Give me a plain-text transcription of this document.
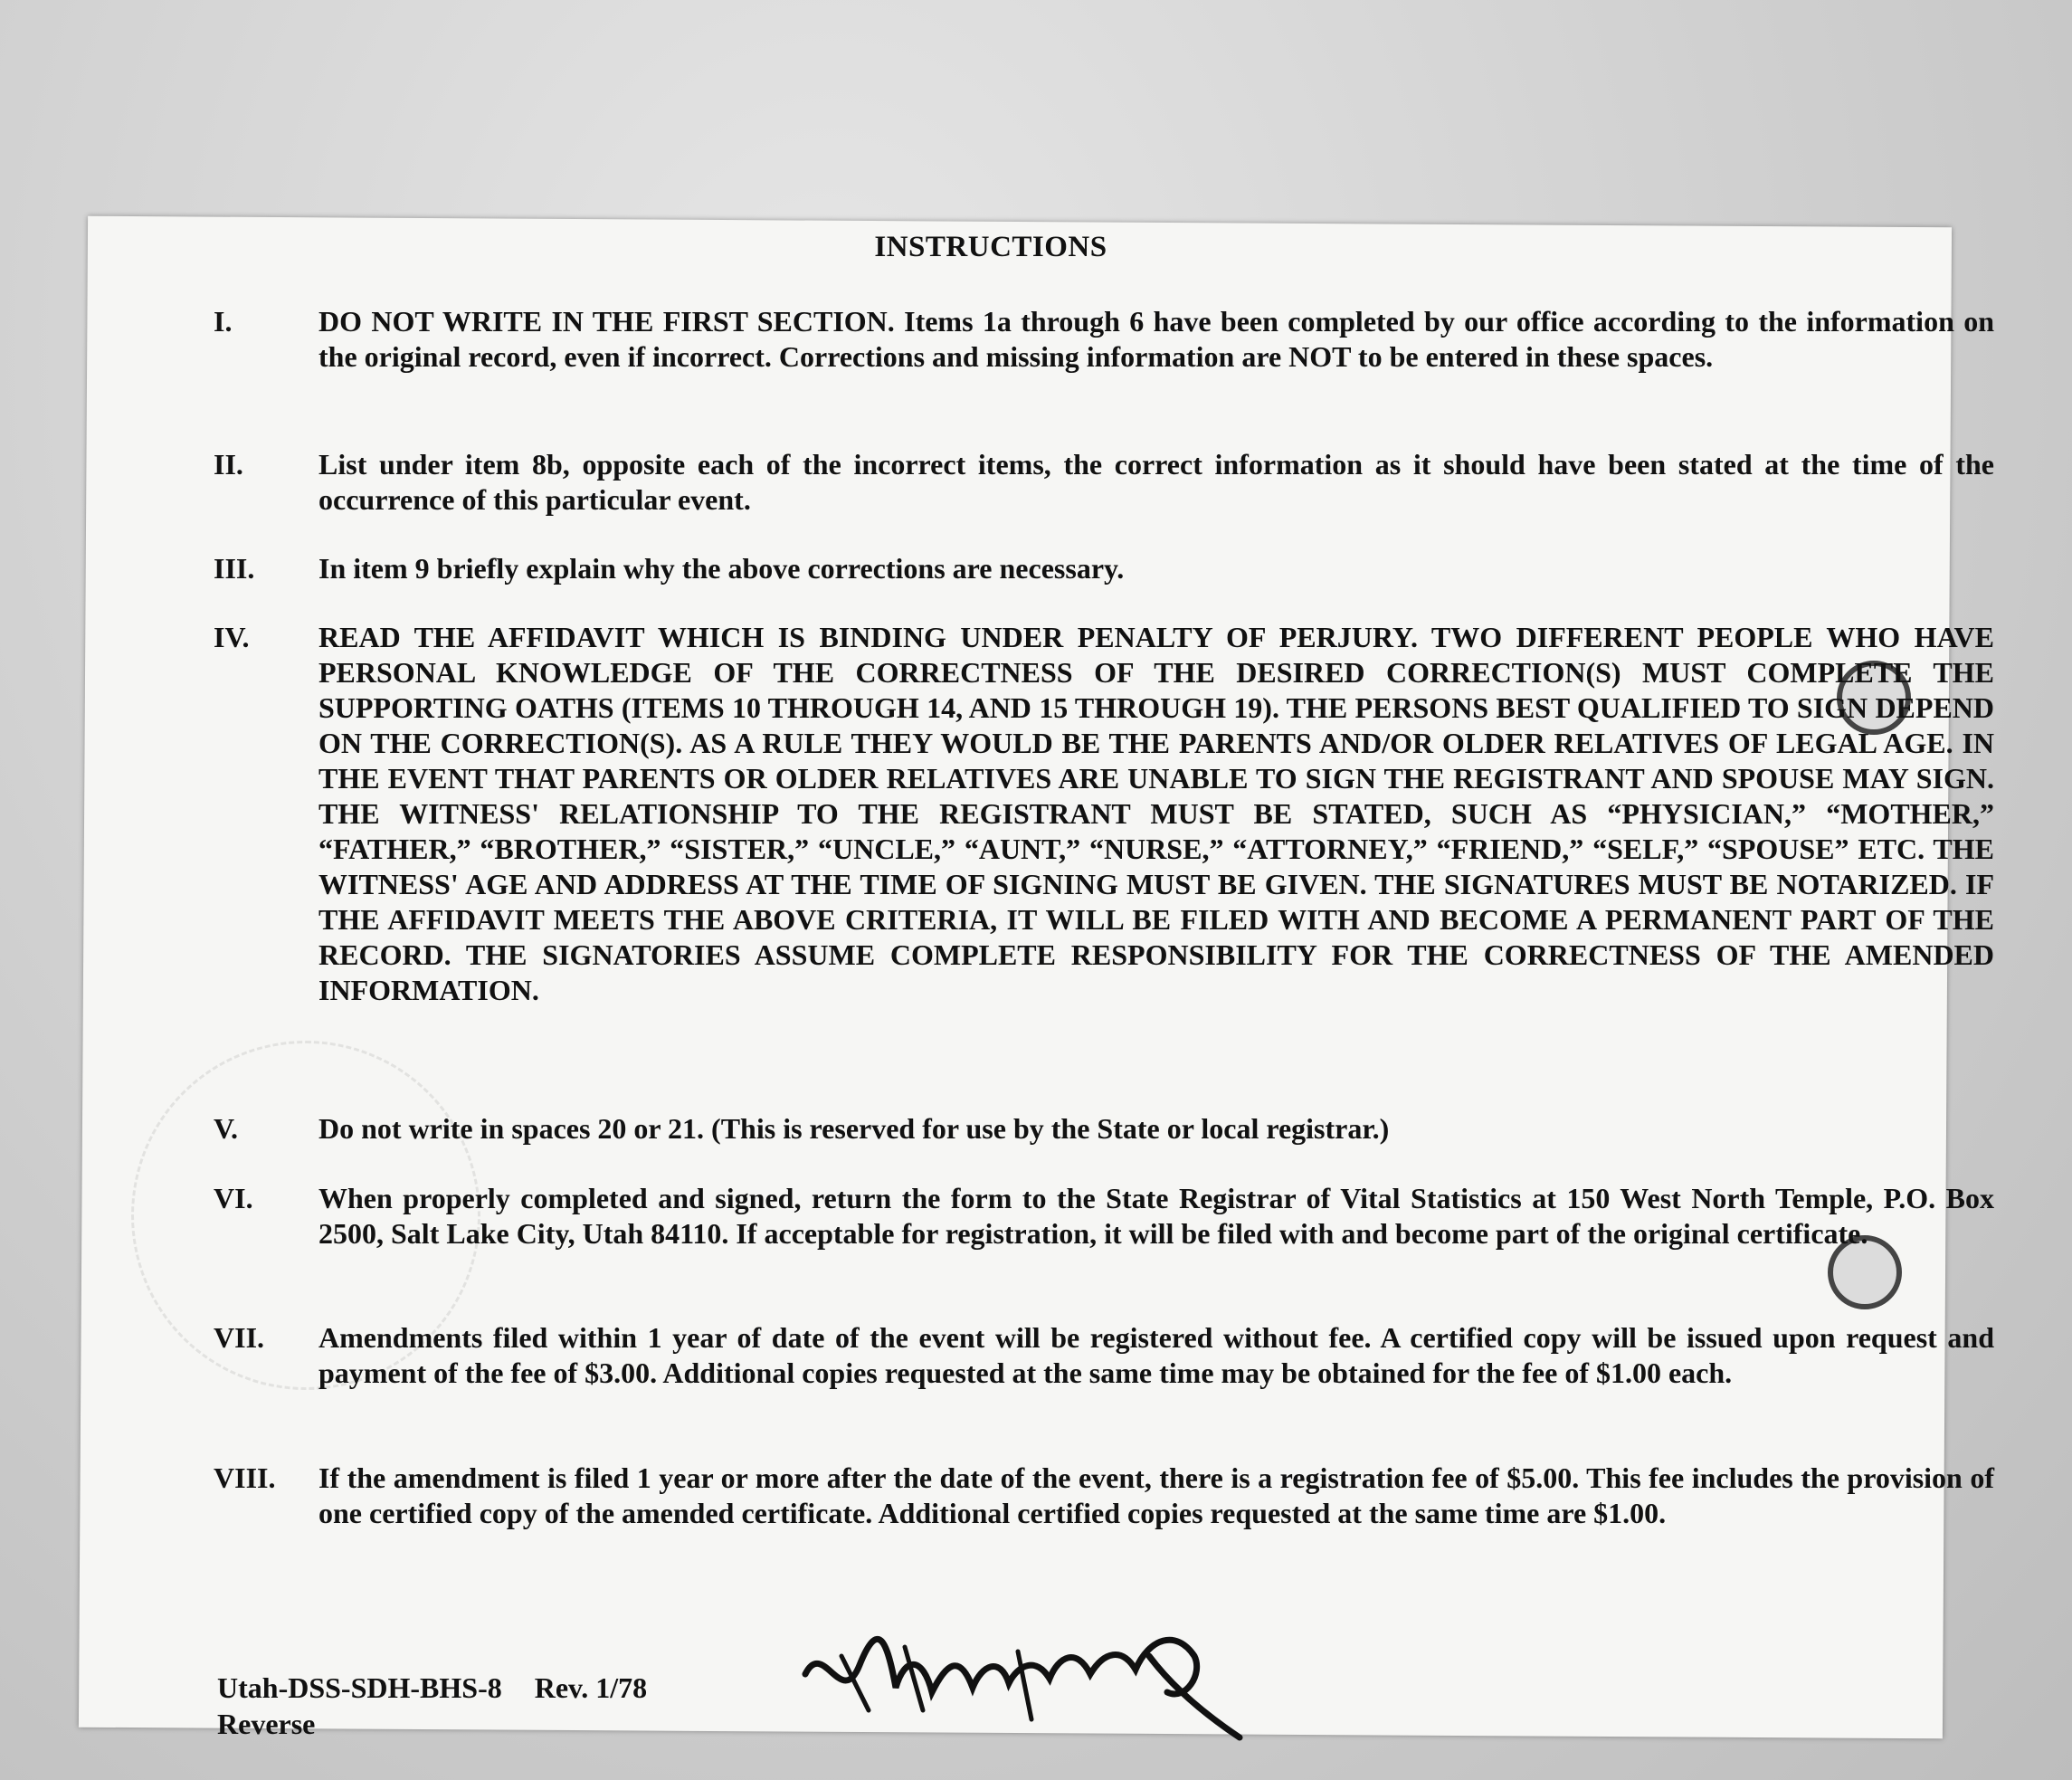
INSTRUCTIONS
I.	DO NOT WRITE IN THE FIRST SECTION. Items 1a through 6 have been completed by our office according to the information on the original record, even if incorrect. Corrections and missing information are NOT to be entered in these spaces.
II.	List under item 8b, opposite each of the incorrect items, the correct information as it should have been stated at the time of the occurrence of this particular event.
III.	In item 9 briefly explain why the above corrections are necessary.
IV.	READ THE AFFIDAVIT WHICH IS BINDING UNDER PENALTY OF PERJURY. TWO DIFFERENT PEOPLE WHO HAVE PERSONAL KNOWLEDGE OF THE CORRECTNESS OF THE DESIRED CORRECTION(S) MUST COMPLETE THE SUPPORTING OATHS (ITEMS 10 THROUGH 14, AND 15 THROUGH 19). THE PERSONS BEST QUALIFIED TO SIGN DEPEND ON THE CORRECTION(S). AS A RULE THEY WOULD BE THE PARENTS AND/OR OLDER RELATIVES OF LEGAL AGE. IN THE EVENT THAT PARENTS OR OLDER RELATIVES ARE UNABLE TO SIGN THE REGISTRANT AND SPOUSE MAY SIGN. THE WITNESS' RELATIONSHIP TO THE REGISTRANT MUST BE STATED, SUCH AS “PHYSICIAN,” “MOTHER,” “FATHER,” “BROTHER,” “SISTER,” “UNCLE,” “AUNT,” “NURSE,” “ATTORNEY,” “FRIEND,” “SELF,” “SPOUSE” ETC. THE WITNESS' AGE AND ADDRESS AT THE TIME OF SIGNING MUST BE GIVEN. THE SIGNATURES MUST BE NOTARIZED. IF THE AFFIDAVIT MEETS THE ABOVE CRITERIA, IT WILL BE FILED WITH AND BECOME A PERMANENT PART OF THE RECORD. THE SIGNATORIES ASSUME COMPLETE RESPONSIBILITY FOR THE CORRECTNESS OF THE AMENDED INFORMATION.
V.	Do not write in spaces 20 or 21. (This is reserved for use by the State or local registrar.)
VI.	When properly completed and signed, return the form to the State Registrar of Vital Statistics at 150 West North Temple, P.O. Box 2500, Salt Lake City, Utah 84110. If acceptable for registration, it will be filed with and become part of the original certificate.
VII.	Amendments filed within 1 year of date of the event will be registered without fee. A certified copy will be issued upon request and payment of the fee of $3.00. Additional copies requested at the same time may be obtained for the fee of $1.00 each.
VIII.	If the amendment is filed 1 year or more after the date of the event, there is a registration fee of $5.00. This fee includes the provision of one certified copy of the amended certificate. Additional certified copies requested at the same time are $1.00.
Utah-DSS-SDH-BHS-8 Rev. 1/78
Reverse
